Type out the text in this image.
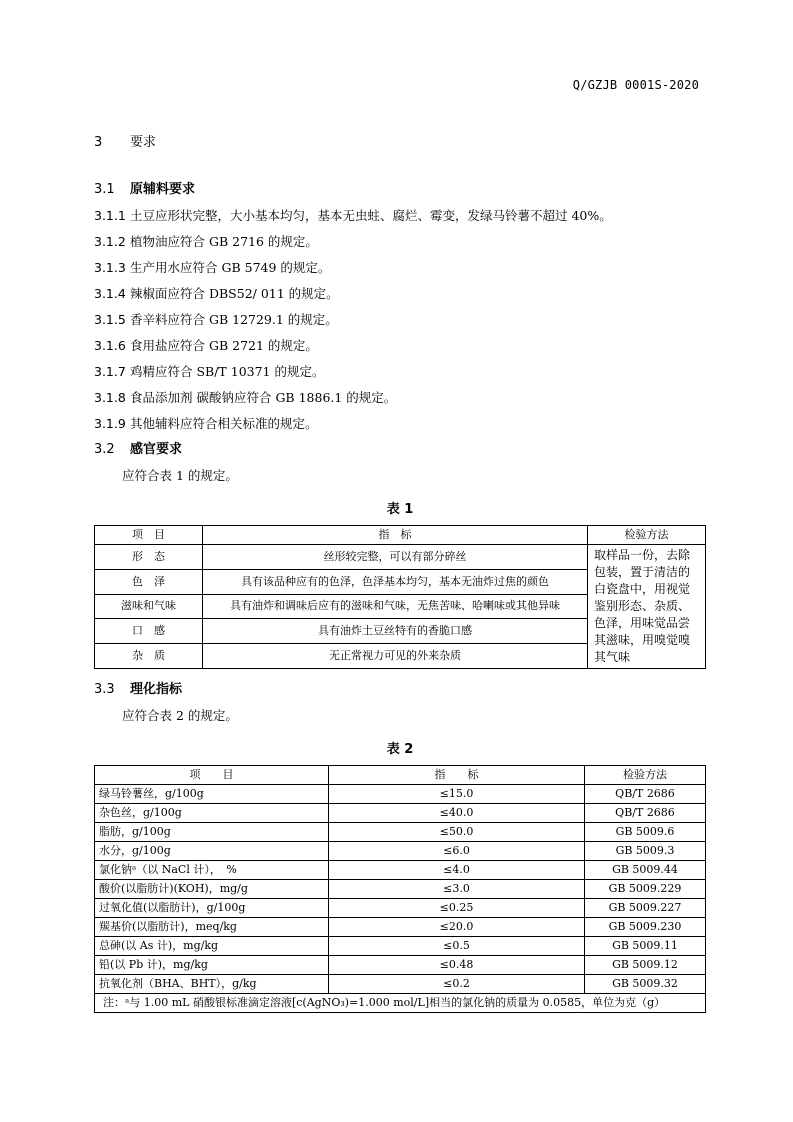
Q/GZJB 0001S-2020
3 要求
3.1 原辅料要求
3.1.1 土豆应形状完整，大小基本均匀，基本无虫蛀、腐烂、霉变，发绿马铃薯不超过 40%。
3.1.2 植物油应符合 GB 2716 的规定。
3.1.3 生产用水应符合 GB 5749 的规定。
3.1.4 辣椒面应符合 DBS52/ 011 的规定。
3.1.5 香辛料应符合 GB 12729.1 的规定。
3.1.6 食用盐应符合 GB 2721 的规定。
3.1.7 鸡精应符合 SB/T 10371 的规定。
3.1.8 食品添加剂 碳酸钠应符合 GB 1886.1 的规定。
3.1.9 其他辅料应符合相关标准的规定。
3.2 感官要求
应符合表 1 的规定。
表 1
项　目	指　标	检验方法
形　态	丝形较完整，可以有部分碎丝	取样品一份，去除包装，置于清洁的白瓷盘中，用视觉鉴别形态、杂质、色泽，用味觉品尝其滋味，用嗅觉嗅其气味
色　泽	具有该品种应有的色泽，色泽基本均匀，基本无油炸过焦的颜色	
滋味和气味	具有油炸和调味后应有的滋味和气味，无焦苦味、哈喇味或其他异味	
口　感	具有油炸土豆丝特有的香脆口感	
杂　质	无正常视力可见的外来杂质	
3.3 理化指标
应符合表 2 的规定。
表 2
项　　目	指　　标	检验方法
绿马铃薯丝，g/100g	≤15.0	QB/T 2686
杂色丝，g/100g	≤40.0	QB/T 2686
脂肪，g/100g	≤50.0	GB 5009.6
水分，g/100g	≤6.0	GB 5009.3
氯化钠ᵃ（以 NaCl 计），　%	≤4.0	GB 5009.44
酸价(以脂肪计)(KOH)，mg/g	≤3.0	GB 5009.229
过氧化值(以脂肪计)，g/100g	≤0.25	GB 5009.227
羰基价(以脂肪计)，meq/kg	≤20.0	GB 5009.230
总砷(以 As 计)，mg/kg	≤0.5	GB 5009.11
铅(以 Pb 计)，mg/kg	≤0.48	GB 5009.12
抗氧化剂（BHA、BHT），g/kg	≤0.2	GB 5009.32
注：ᵃ与 1.00 mL 硝酸银标准滴定溶液[c(AgNO₃)=1.000 mol/L]相当的氯化钠的质量为 0.0585，单位为克（g）		
